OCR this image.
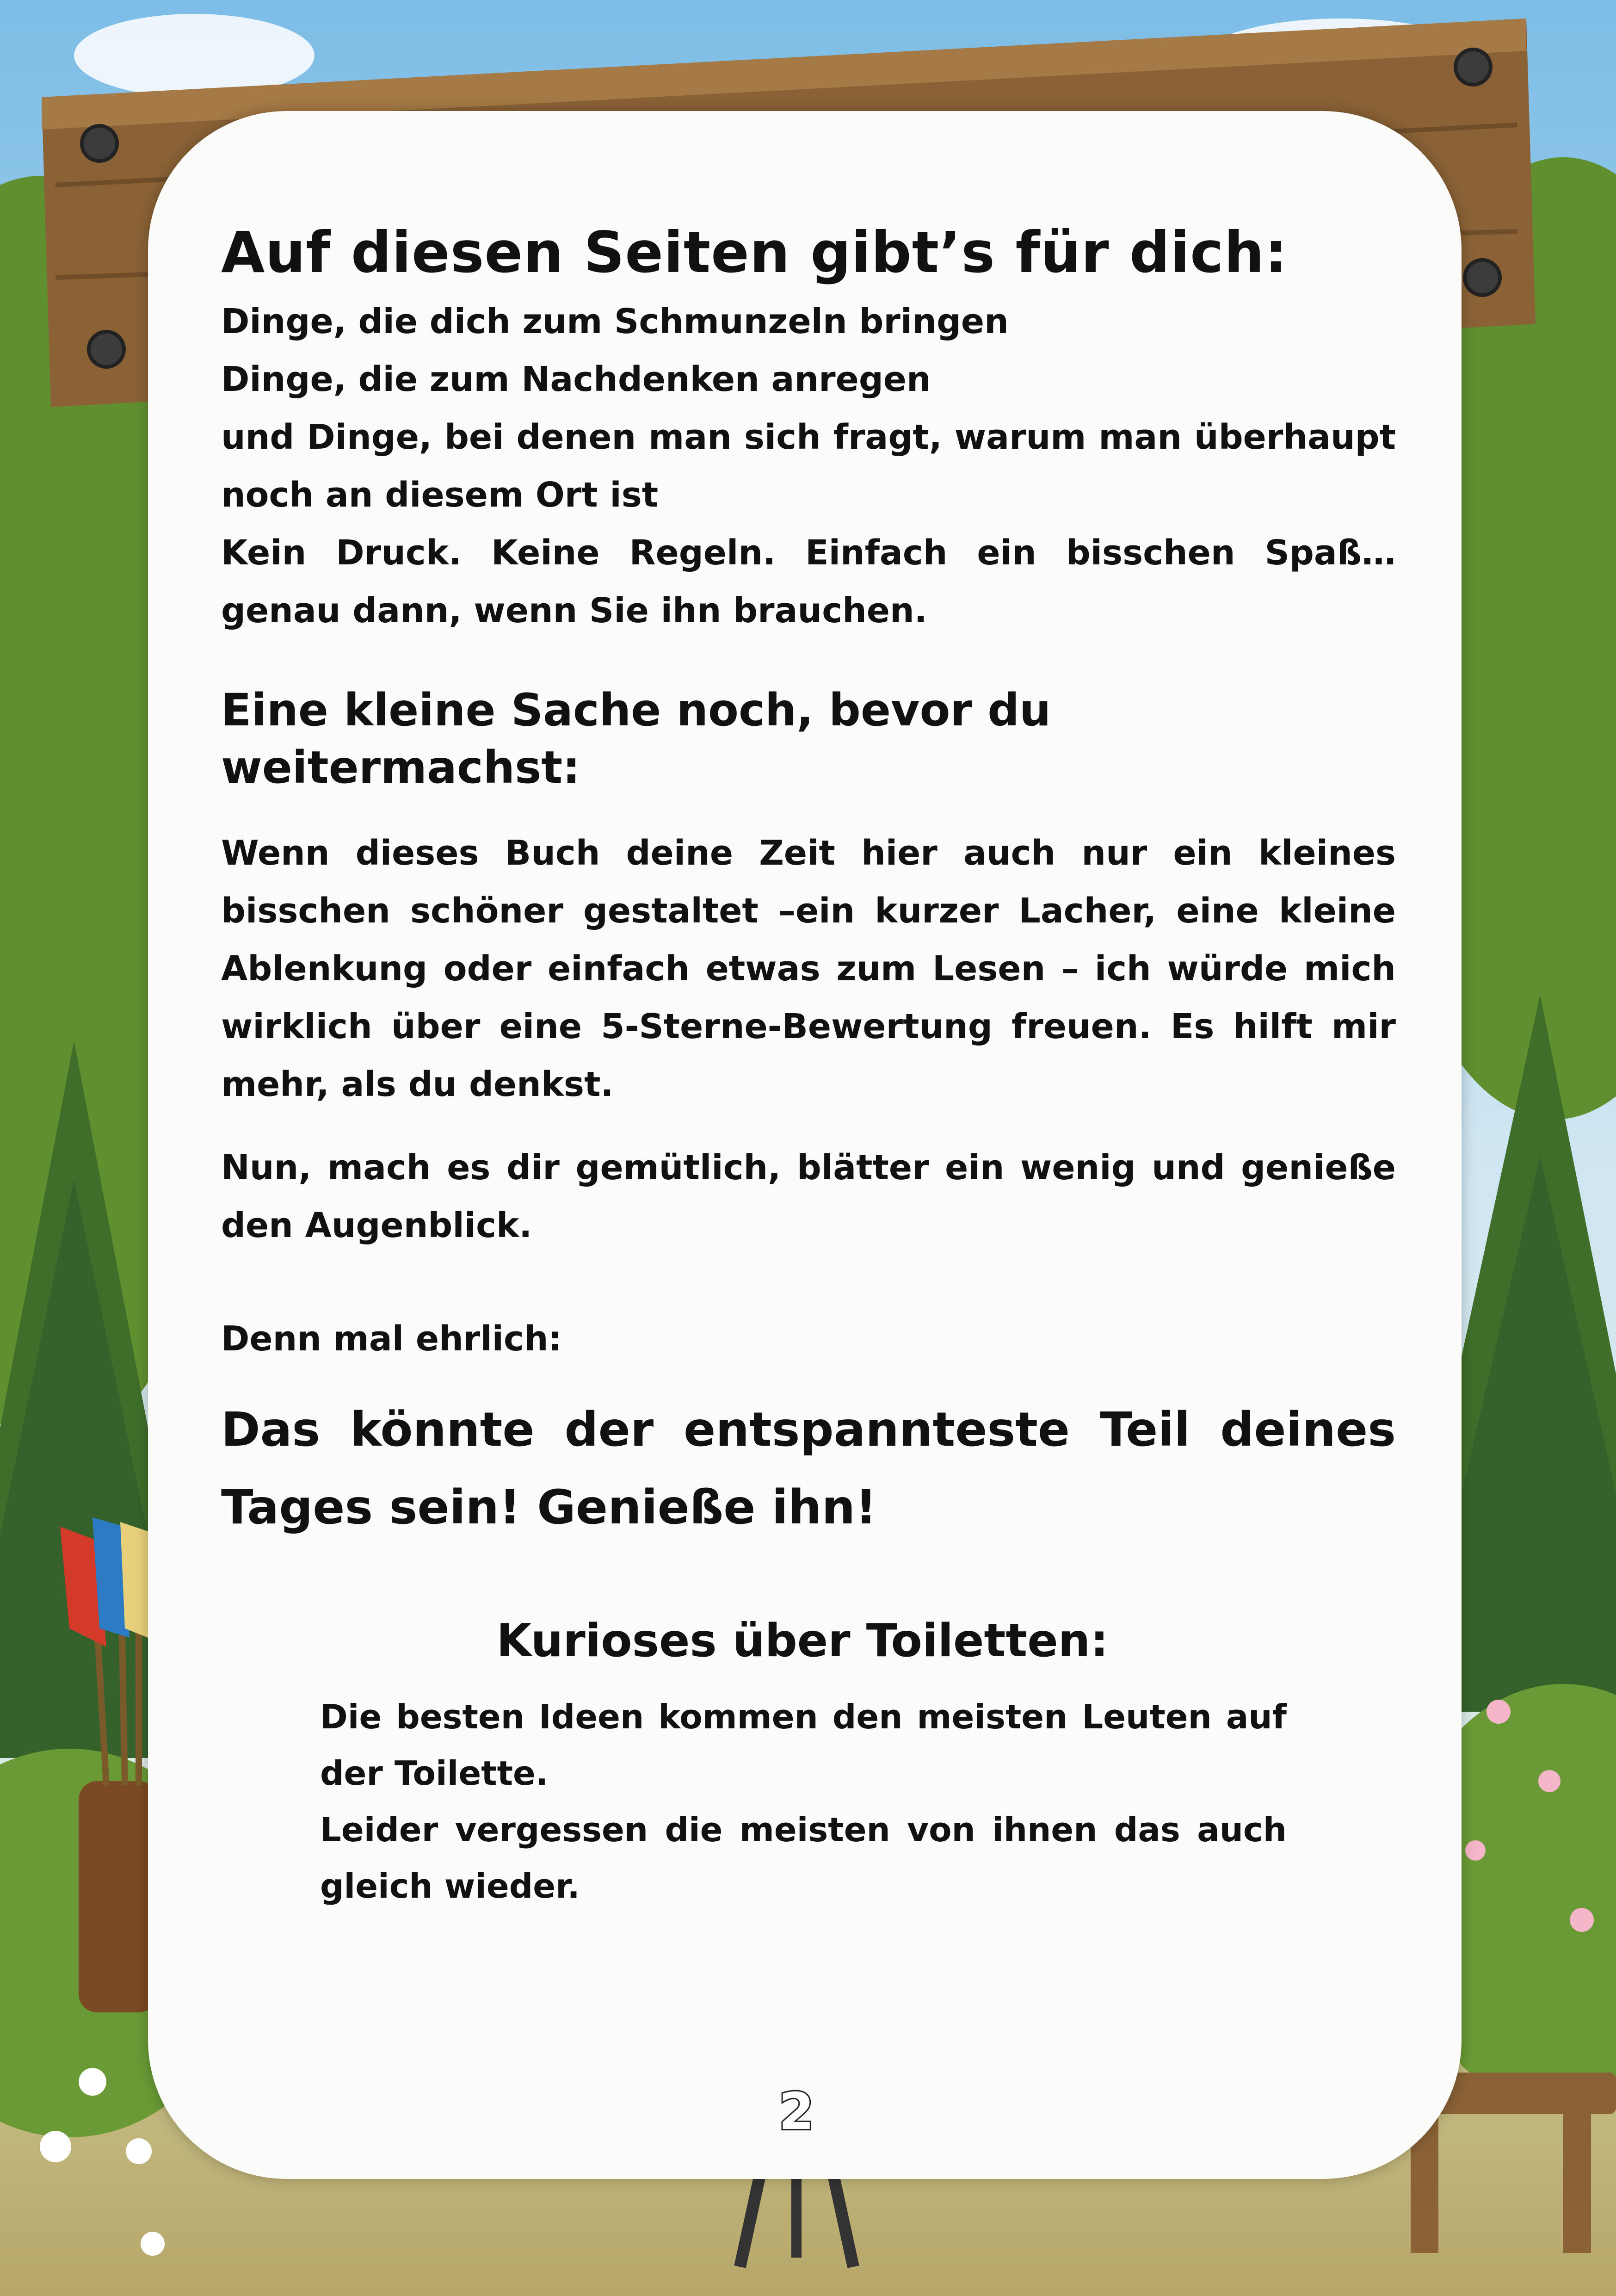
Auf diesen Seiten gibt’s für dich:

Dinge, die dich zum Schmunzeln bringen

Dinge, die zum Nachdenken anregen

und Dinge, bei denen man sich fragt, warum man überhaupt noch an diesem Ort ist

Kein Druck. Keine Regeln. Einfach ein bisschen Spaß… genau dann, wenn Sie ihn brauchen.

Eine kleine Sache noch, bevor du weitermachst:

Wenn dieses Buch deine Zeit hier auch nur ein kleines bisschen schöner gestaltet –ein kurzer Lacher, eine kleine Ablenkung oder einfach etwas zum Lesen – ich würde mich wirklich über eine 5-Sterne-Bewertung freuen. Es hilft mir mehr, als du denkst.

Nun, mach es dir gemütlich, blätter ein wenig und genieße den Augenblick.

Denn mal ehrlich:

Das könnte der entspannteste Teil deines Tages sein! Genieße ihn!

Kurioses über Toiletten:
Die besten Ideen kommen den meisten Leuten auf der Toilette.
Leider vergessen die meisten von ihnen das auch gleich wieder.
2
